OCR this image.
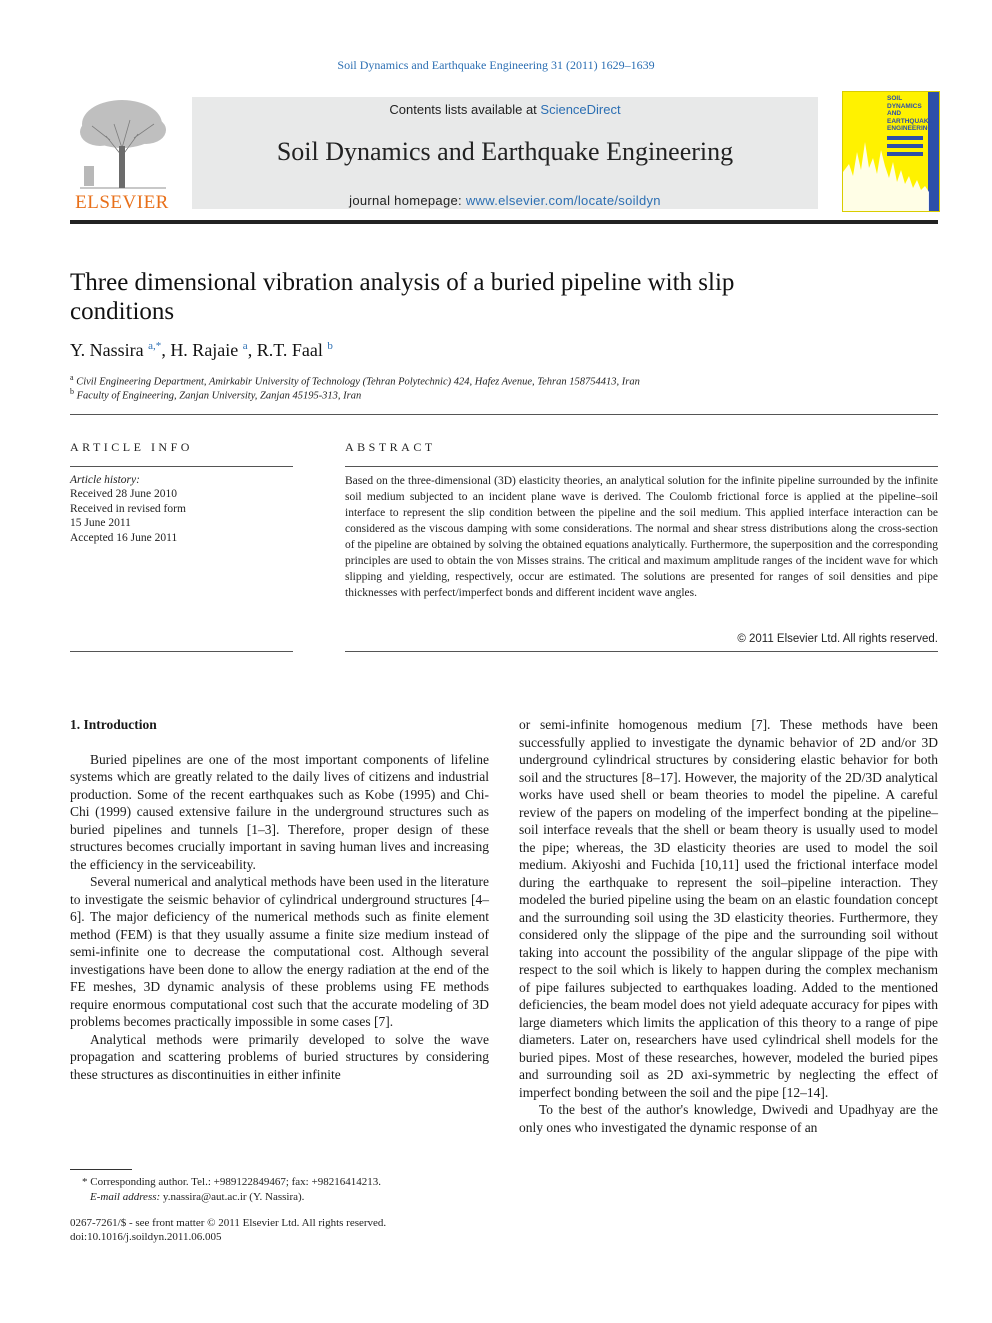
Soil Dynamics and Earthquake Engineering 31 (2011) 1629–1639
ELSEVIER
Contents lists available at ScienceDirect
Soil Dynamics and Earthquake Engineering
journal homepage: www.elsevier.com/locate/soildyn
SOIL
DYNAMICS
AND
EARTHQUAKE
ENGINEERING
Three dimensional vibration analysis of a buried pipeline with slip conditions
Y. Nassira $^{a,*}$, H. Rajaie $^a$, R.T. Faal $^b$
$^a$ Civil Engineering Department, Amirkabir University of Technology (Tehran Polytechnic) 424, Hafez Avenue, Tehran 158754413, Iran
$^b$ Faculty of Engineering, Zanjan University, Zanjan 45195-313, Iran
ARTICLE INFO
Article history:
Received 28 June 2010
Received in revised form
15 June 2011
Accepted 16 June 2011
ABSTRACT
Based on the three-dimensional (3D) elasticity theories, an analytical solution for the infinite pipeline surrounded by the infinite soil medium subjected to an incident plane wave is derived. The Coulomb frictional force is applied at the pipeline–soil interface to represent the slip condition between the pipeline and the soil medium. This applied interface interaction can be considered as the viscous damping with some considerations. The normal and shear stress distributions along the cross-section of the pipeline are obtained by solving the obtained equations analytically. Furthermore, the superposition and the corresponding principles are used to obtain the von Misses strains. The critical and maximum amplitude ranges of the incident wave for which slipping and yielding, respectively, occur are estimated. The solutions are presented for ranges of soil densities and pipe thicknesses with perfect/imperfect bonds and different incident wave angles.
© 2011 Elsevier Ltd. All rights reserved.

1. Introduction

Buried pipelines are one of the most important components of lifeline systems which are greatly related to the daily lives of citizens and industrial production. Some of the recent earthquakes such as Kobe (1995) and Chi-Chi (1999) caused extensive failure in the underground structures such as buried pipelines and tunnels [1–3]. Therefore, proper design of these structures becomes crucially important in saving human lives and increasing the efficiency in the serviceability.

Several numerical and analytical methods have been used in the literature to investigate the seismic behavior of cylindrical underground structures [4–6]. The major deficiency of the numerical methods such as finite element method (FEM) is that they usually assume a finite size medium instead of semi-infinite one to decrease the computational cost. Although several investigations have been done to allow the energy radiation at the end of the FE meshes, 3D dynamic analysis of these problems using FE methods require enormous computational cost such that the accurate modeling of 3D problems becomes practically impossible in some cases [7].

Analytical methods were primarily developed to solve the wave propagation and scattering problems of buried structures by considering these structures as discontinuities in either infinite

or semi-infinite homogenous medium [7]. These methods have been successfully applied to investigate the dynamic behavior of 2D and/or 3D underground cylindrical structures by considering elastic behavior for both soil and the structures [8–17]. However, the majority of the 2D/3D analytical works have used shell or beam theories to model the pipeline. A careful review of the papers on modeling of the imperfect bonding at the pipeline–soil interface reveals that the shell or beam theory is usually used to model the pipe; whereas, the 3D elasticity theories are used to model the soil medium. Akiyoshi and Fuchida [10,11] used the frictional interface model during the earthquake to represent the soil–pipeline interaction. They modeled the buried pipeline using the beam on an elastic foundation concept and the surrounding soil using the 3D elasticity theories. Furthermore, they considered only the slippage of the pipe and the surrounding soil without taking into account the possibility of the angular slippage of the pipe with respect to the soil which is likely to happen during the complex mechanism of pipe failures subjected to earthquakes loading. Added to the mentioned deficiencies, the beam model does not yield adequate accuracy for pipes with large diameters which limits the application of this theory to a range of pipe diameters. Later on, researchers have used cylindrical shell models for the buried pipes. Most of these researches, however, modeled the buried pipes and surrounding soil as 2D axi-symmetric by neglecting the effect of imperfect bonding between the soil and the pipe [12–14].

To the best of the author's knowledge, Dwivedi and Upadhyay are the only ones who investigated the dynamic response of an

* Corresponding author. Tel.: +989122849467; fax: +98216414213.
E-mail address: y.nassira@aut.ac.ir (Y. Nassira).
0267-7261/$ - see front matter © 2011 Elsevier Ltd. All rights reserved.
doi:10.1016/j.soildyn.2011.06.005
